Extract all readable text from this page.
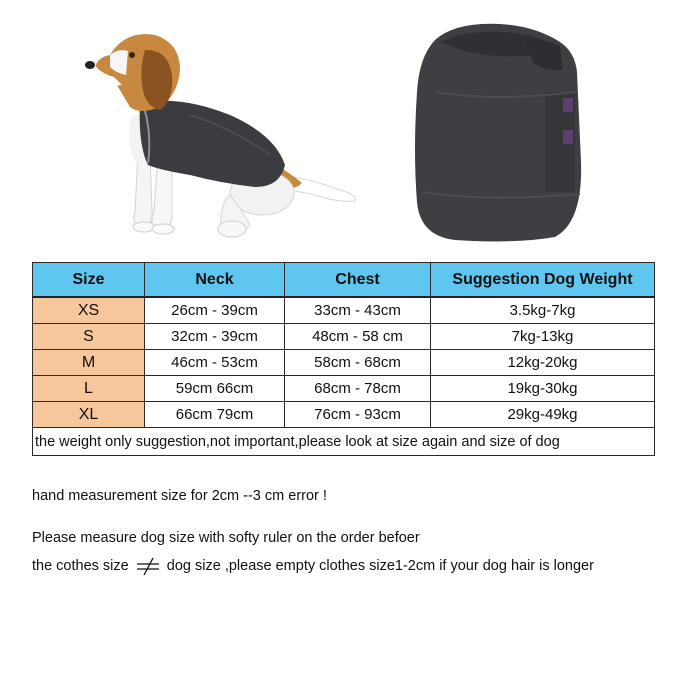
Size	Neck	Chest	Suggestion Dog Weight
XS	26cm - 39cm	33cm - 43cm	3.5kg-7kg
S	32cm - 39cm	48cm - 58 cm	7kg-13kg
M	46cm - 53cm	58cm - 68cm	12kg-20kg
L	59cm 66cm	68cm - 78cm	19kg-30kg
XL	66cm 79cm	76cm - 93cm	29kg-49kg
the weight only suggestion,not important,please look at size again and size of dog			
hand measurement size for 2cm --3 cm error !
Please measure dog size with softy ruler on the order befoer
the cothes size	dog size ,please empty clothes size1-2cm if your dog hair is longer
